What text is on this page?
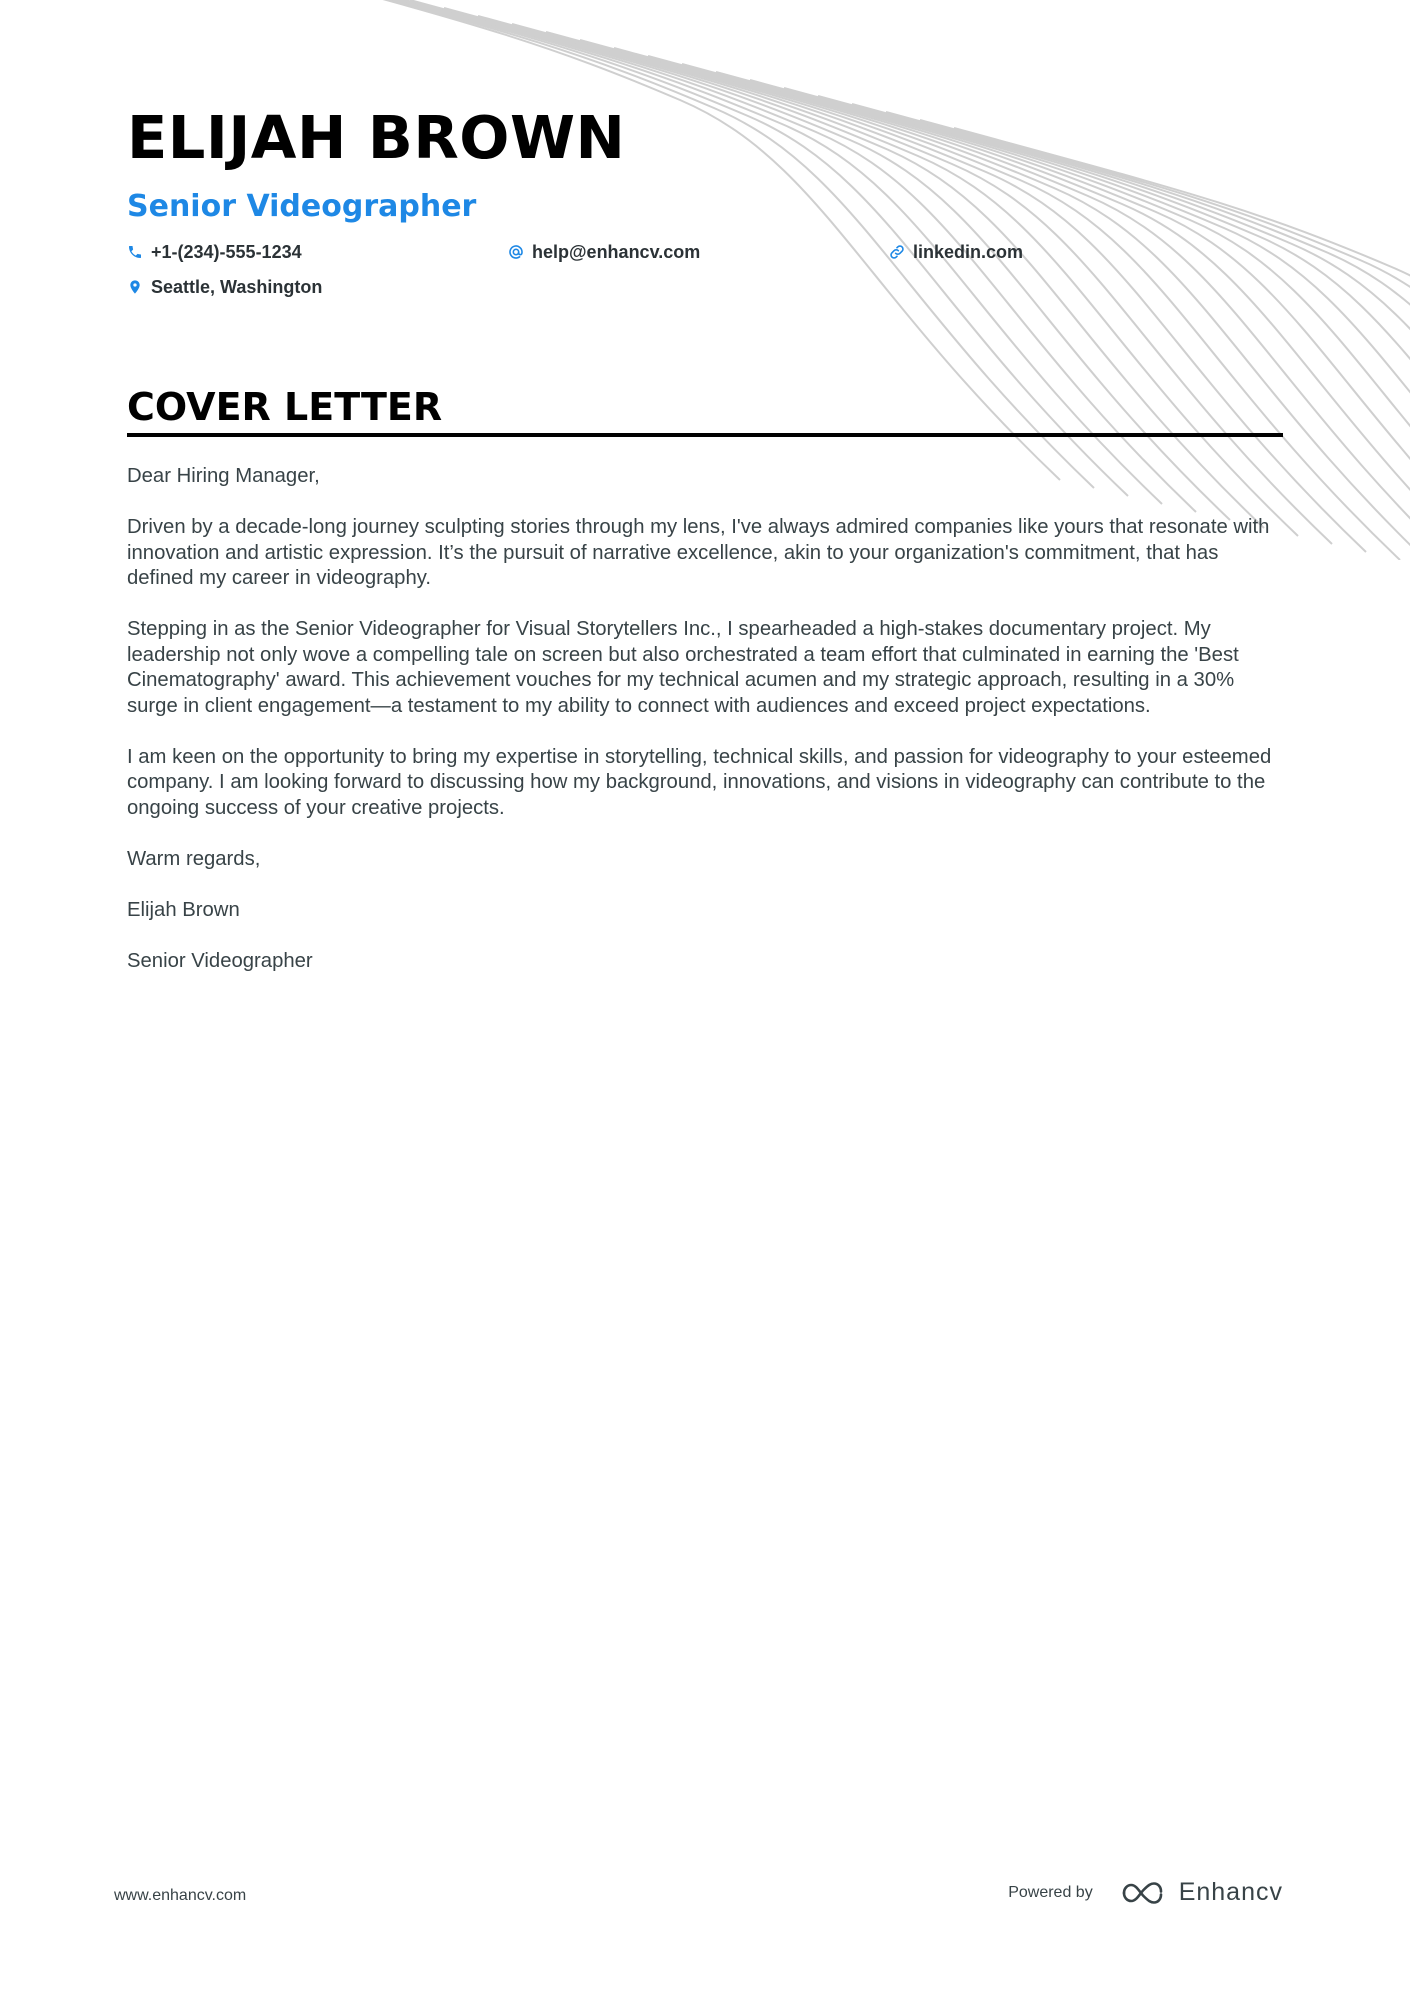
ELIJAH BROWN
Senior Videographer
+1-(234)-555-1234	help@enhancv.com	linkedin.com
Seattle, Washington
COVER LETTER

Dear Hiring Manager,

Driven by a decade-long journey sculpting stories through my lens, I've always admired companies like yours that resonate with innovation and artistic expression. It’s the pursuit of narrative excellence, akin to your organization's commitment, that has defined my career in videography.

Stepping in as the Senior Videographer for Visual Storytellers Inc., I spearheaded a high-stakes documentary project. My leadership not only wove a compelling tale on screen but also orchestrated a team effort that culminated in earning the 'Best Cinematography' award. This achievement vouches for my technical acumen and my strategic approach, resulting in a 30% surge in client engagement—a testament to my ability to connect with audiences and exceed project expectations.

I am keen on the opportunity to bring my expertise in storytelling, technical skills, and passion for videography to your esteemed company. I am looking forward to discussing how my background, innovations, and visions in videography can contribute to the ongoing success of your creative projects.

Warm regards,

Elijah Brown

Senior Videographer

www.enhancv.com	Powered by	Enhancv
